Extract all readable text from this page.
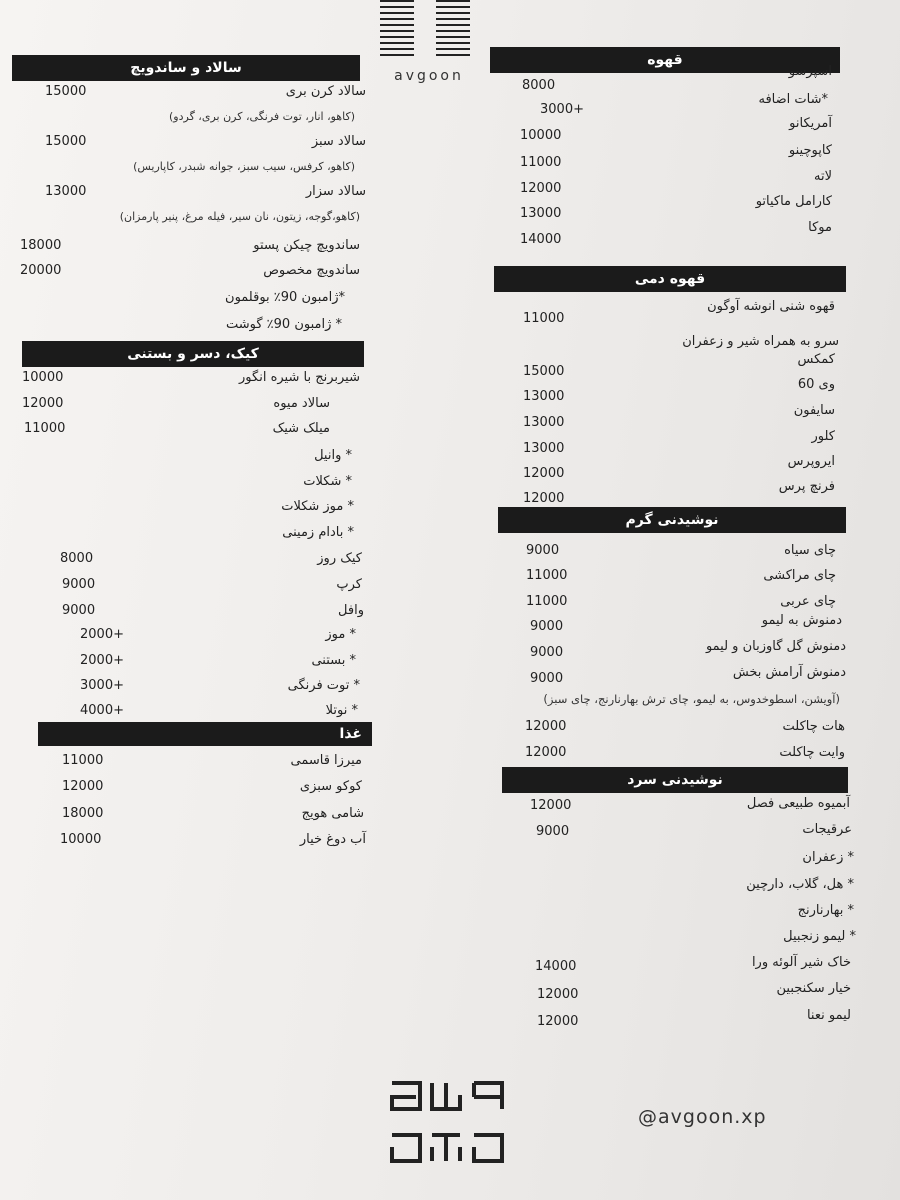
avgoon
سالاد و ساندویچ
سالاد کرن بری
15000
(کاهو، انار، توت فرنگی، کرن بری، گردو)
سالاد سبز
15000
(کاهو، کرفس، سیب سبز، جوانه شبدر، کاپاریس)
سالاد سزار
13000
(کاهو،گوجه، زیتون، نان سیر، فیله مرغ، پنیر پارمزان)
ساندویچ چیکن پستو
18000
ساندویچ مخصوص
20000
*ژامبون 90٪ بوقلمون
* ژامبون 90٪ گوشت
کیک، دسر و بستنی
شیربرنج با شیره انگور
10000
سالاد میوه
12000
میلک شیک
11000
* وانیل
* شکلات
* موز شکلات
* بادام زمینی
کیک روز
8000
کرپ
9000
وافل
9000
* موز
2000+
* بستنی
2000+
* توت فرنگی
3000+
* نوتلا
4000+
غذا
میرزا قاسمی
11000
کوکو سبزی
12000
شامی هویج
18000
آب دوغ خیار
10000
قهوه
اسپرسو
8000
*شات اضافه
3000+
آمریکانو
10000
کاپوچینو
11000
لاته
12000
کارامل ماکیاتو
13000
موکا
14000
قهوه دمی
قهوه شنی انوشه آوگون
11000
سرو به همراه شیر و زعفران
کمکس
15000
وی 60
13000
سایفون
13000
کلور
13000
ایروپرس
12000
فرنچ پرس
12000
نوشیدنی گرم
چای سیاه
9000
چای مراکشی
11000
چای عربی
11000
دمنوش به لیمو
9000
دمنوش گل گاوزبان و لیمو
9000
دمنوش آرامش بخش
9000
(آویشن، اسطوخدوس، به لیمو، چای ترش بهارنارنج، چای سبز)
هات چاکلت
12000
وایت چاکلت
12000
نوشیدنی سرد
آبمیوه طبیعی فصل
12000
عرقیجات
9000
* زعفران
* هل، گلاب، دارچین
* بهارنارنج
* لیمو زنجبیل
خاک شیر آلوئه ورا
14000
خیار سکنجبین
12000
لیمو نعنا
12000
@avgoon.xp
